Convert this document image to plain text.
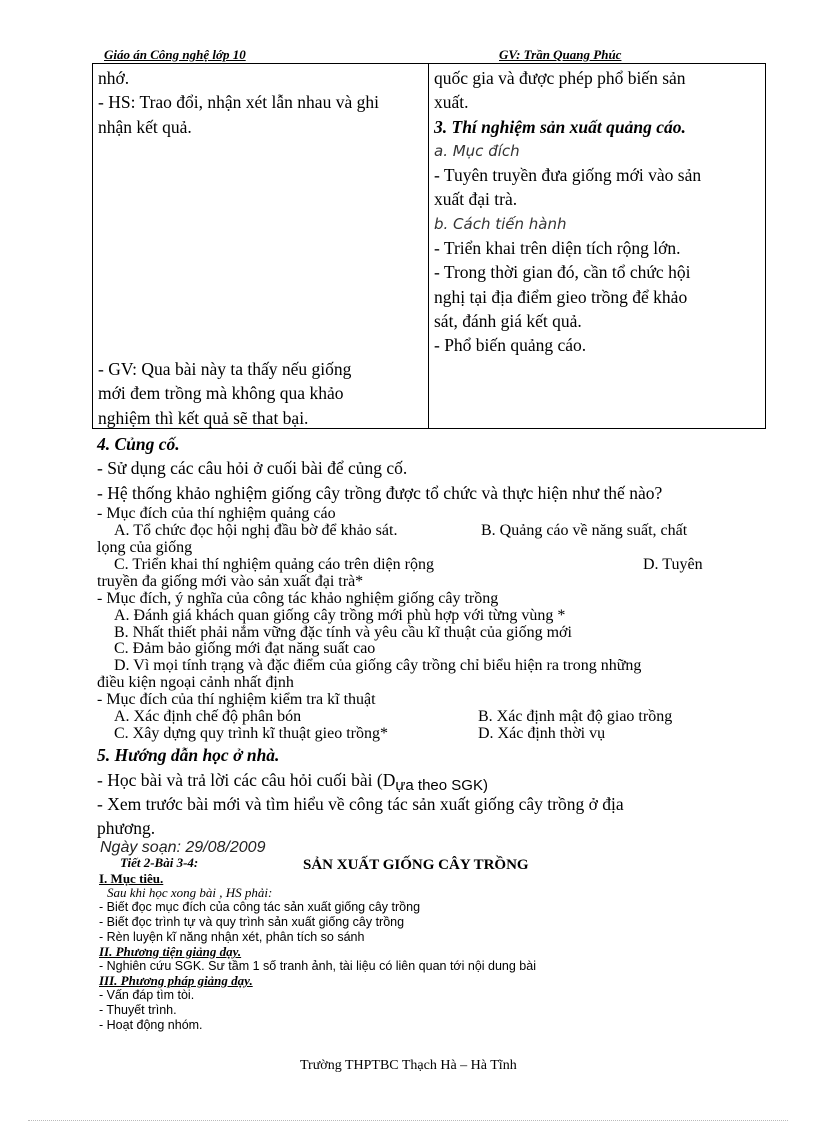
Giáo án Công nghệ lớp 10	GV: Trần Quang Phúc
nhớ.
- HS: Trao đổi, nhận xét lẫn nhau và ghi
nhận kết quả.
- GV: Qua bài này ta thấy nếu giống
mới đem trồng mà không qua khảo
nghiệm thì kết quả sẽ that bại.

quốc gia và được phép phổ biến sản
xuất.
3. Thí nghiệm sản xuất quảng cáo.
a. Mục đích
- Tuyên truyền đưa giống mới vào sản
xuất đại trà.
b. Cách tiến hành
- Triển khai trên diện tích rộng lớn.
- Trong thời gian đó, cần tổ chức hội
nghị tại địa điểm gieo trồng để khảo
sát, đánh giá kết quả.
- Phổ biến quảng cáo.
4. Củng cố.
- Sử dụng các câu hỏi ở cuối bài để củng cố.
- Hệ thống khảo nghiệm giống cây trồng được tổ chức và thực hiện như thế nào?
- Mục đích của thí nghiệm quảng cáo
A. Tổ chức đọc hội nghị đầu bờ để khảo sát.	B. Quảng cáo về năng suất, chất
lọng của giống
C. Triển khai thí nghiệm quảng cáo trên diện rộng	D. Tuyên
truyền đa giống mới vào sản xuất đại trà*
- Mục đích, ý nghĩa của công tác khảo nghiệm giống cây trồng
A. Đánh giá khách quan giống cây trồng mới phù hợp với từng vùng *
B. Nhất thiết phải nắm vững đặc tính và yêu cầu kĩ thuật của giống mới
C. Đảm bảo giống mới đạt năng suất cao
D. Vì mọi tính trạng và đặc điểm của giống cây trồng chỉ biểu hiện ra trong những
điều kiện ngoại cảnh nhất định
- Mục đích của thí nghiệm kiểm tra kĩ thuật
A. Xác định chế độ phân bón	B. Xác định mật độ giao trồng
C. Xây dựng quy trình kĩ thuật gieo trồng*	D. Xác định thời vụ
5. Hướng dẫn học ở nhà.
- Học bài và trả lời các câu hỏi cuối bài (Dựa theo SGK)
- Xem trước bài mới và tìm hiểu về công tác sản xuất giống cây trồng ở địa
phương.
Ngày soạn: 29/08/2009
Tiết 2-Bài 3-4:	SẢN XUẤT GIỐNG CÂY TRỒNG
I. Mục tiêu.
Sau khi học xong bài , HS phải:
- Biết đọc mục đích của công tác sản xuất giống cây trồng
- Biết đọc trình tự và quy trình sản xuất giống cây trồng
- Rèn luyện kĩ năng nhận xét, phân tích so sánh
II. Phương tiện giảng dạy.
- Nghiên cứu SGK. Sư tầm 1 số tranh ảnh, tài liệu có liên quan tới nội dung bài
III. Phương pháp giảng dạy.
- Vấn đáp tìm tòi.
- Thuyết trình.
- Hoạt động nhóm.
Trường THPTBC Thạch Hà – Hà Tĩnh
